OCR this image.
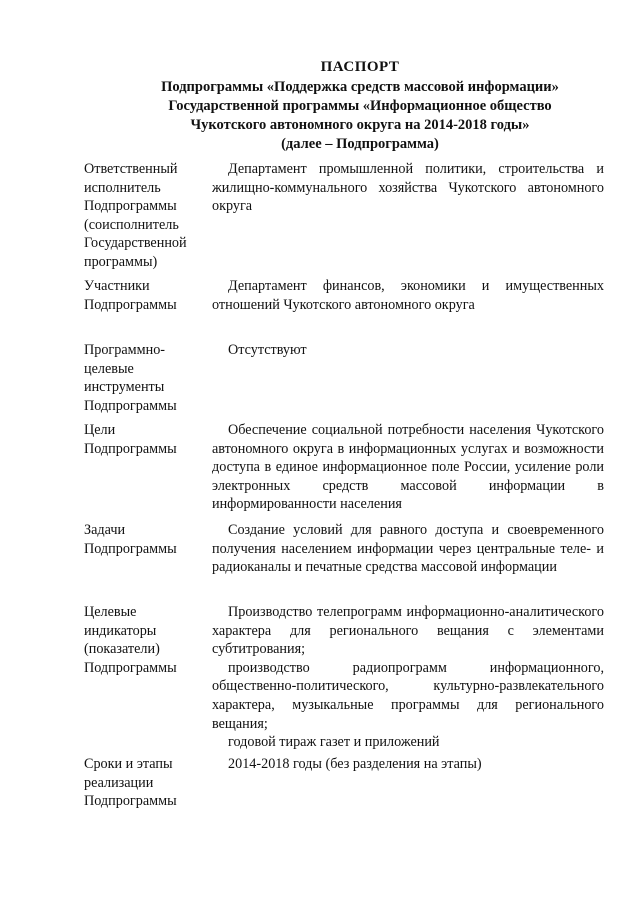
ПАСПОРТ
Подпрограммы «Поддержка средств массовой информации»
Государственной программы «Информационное общество
Чукотского автономного округа на 2014-2018 годы»
(далее – Подпрограмма)
Ответственный
исполнитель
Подпрограммы
(соисполнитель
Государственной
программы)
Департамент промышленной политики, строительства и жилищно-коммунального хозяйства Чукотского автономного округа
Участники
Подпрограммы
Департамент финансов, экономики и имущественных отношений Чукотского автономного округа
Программно-
целевые
инструменты
Подпрограммы
Отсутствуют
Цели
Подпрограммы
Обеспечение социальной потребности населения Чукотского автономного округа в информационных услугах и возможности доступа в единое информационное поле России, усиление роли электронных средств массовой информации в информированности населения
Задачи
Подпрограммы
Создание условий для равного доступа и своевременного получения населением информации через центральные теле- и радиоканалы и печатные средства массовой информации
Целевые
индикаторы
(показатели)
Подпрограммы
Производство телепрограмм информационно-аналитического характера для регионального вещания с элементами субтитрования;
производство радиопрограмм информационного, общественно-политического, культурно-развлекательного характера, музыкальные программы для регионального вещания;
годовой тираж газет и приложений
Сроки и этапы
реализации
Подпрограммы
2014-2018 годы (без разделения на этапы)
